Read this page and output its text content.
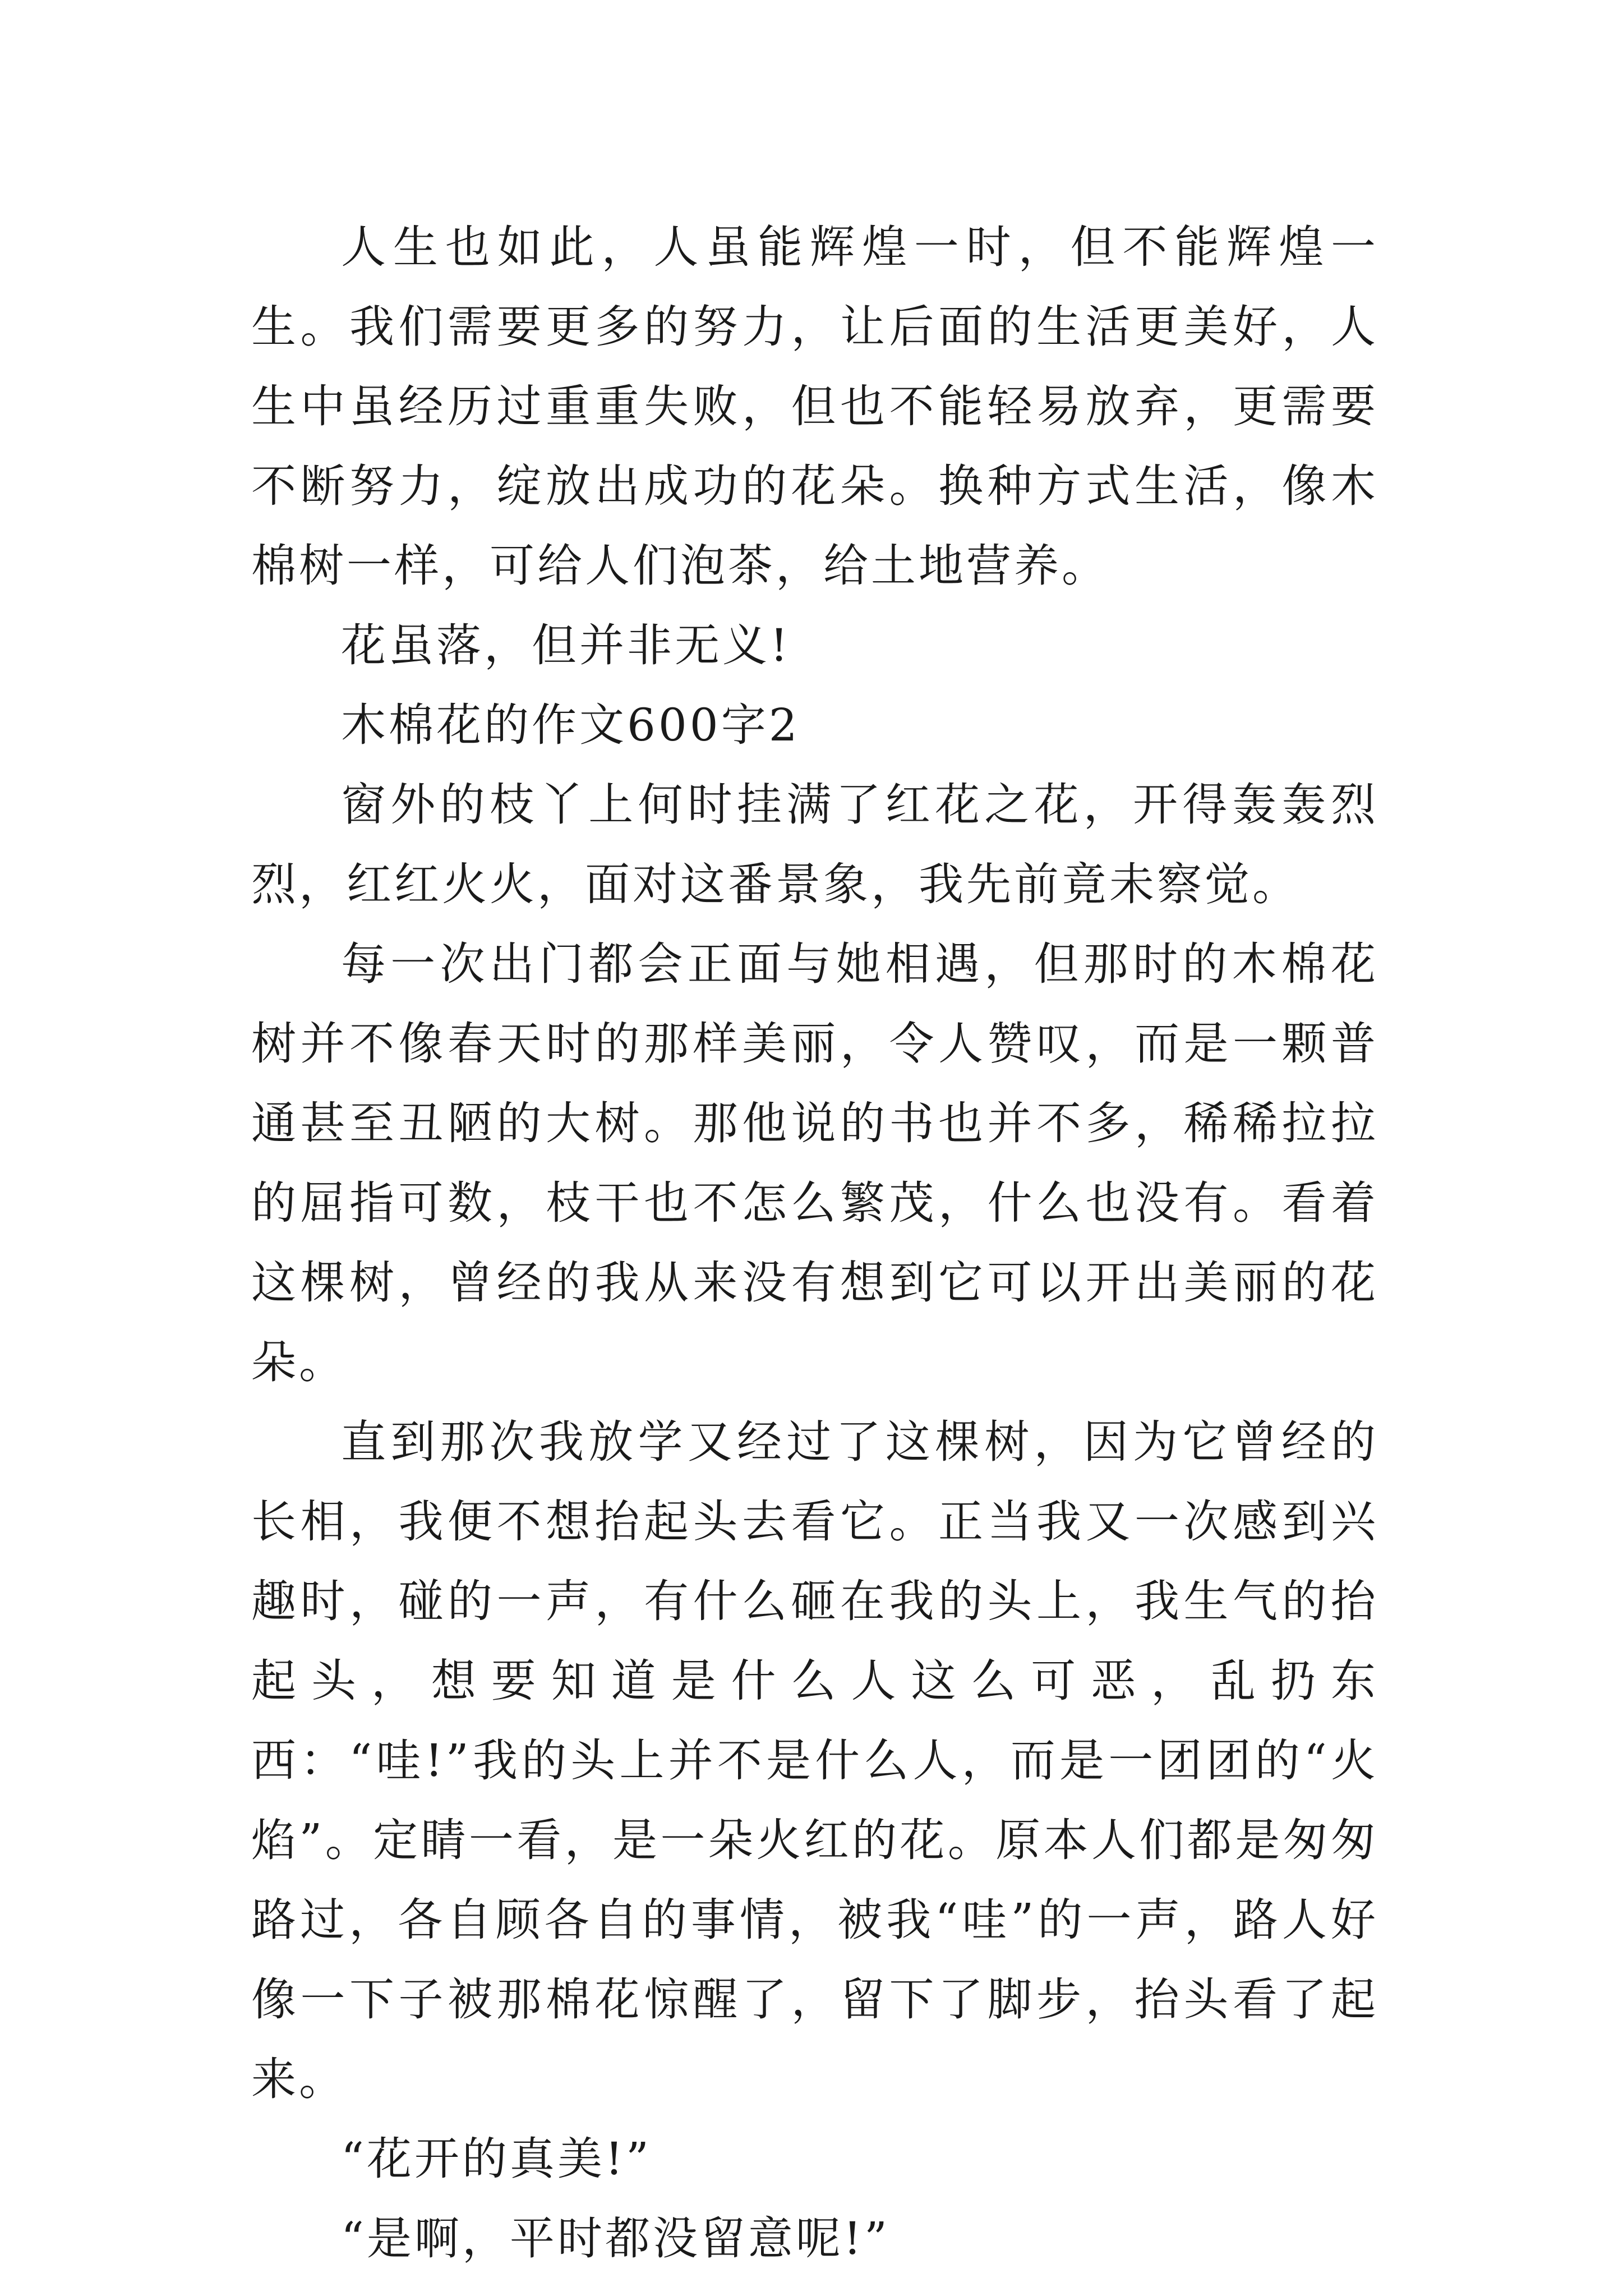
人生也如此，人虽能辉煌一时，但不能辉煌一生。我们需要更多的努力，让后面的生活更美好，人生中虽经历过重重失败，但也不能轻易放弃，更需要不断努力，绽放出成功的花朵。换种方式生活，像木棉树一样，可给人们泡茶，给土地营养。

花虽落，但并非无义!

木棉花的作文600字2

窗外的枝丫上何时挂满了红花之花，开得轰轰烈烈，红红火火，面对这番景象，我先前竟未察觉。

每一次出门都会正面与她相遇，但那时的木棉花树并不像春天时的那样美丽，令人赞叹，而是一颗普通甚至丑陋的大树。那他说的书也并不多，稀稀拉拉的屈指可数，枝干也不怎么繁茂，什么也没有。看着这棵树，曾经的我从来没有想到它可以开出美丽的花朵。

直到那次我放学又经过了这棵树，因为它曾经的长相，我便不想抬起头去看它。正当我又一次感到兴趣时，碰的一声，有什么砸在我的头上，我生气的抬起头，想要知道是什么人这么可恶，乱扔东西：“哇!”我的头上并不是什么人，而是一团团的“火焰”。定睛一看，是一朵火红的花。原本人们都是匆匆路过，各自顾各自的事情，被我“哇”的一声，路人好像一下子被那棉花惊醒了，留下了脚步，抬头看了起来。

“花开的真美!”

“是啊，平时都没留意呢!”
